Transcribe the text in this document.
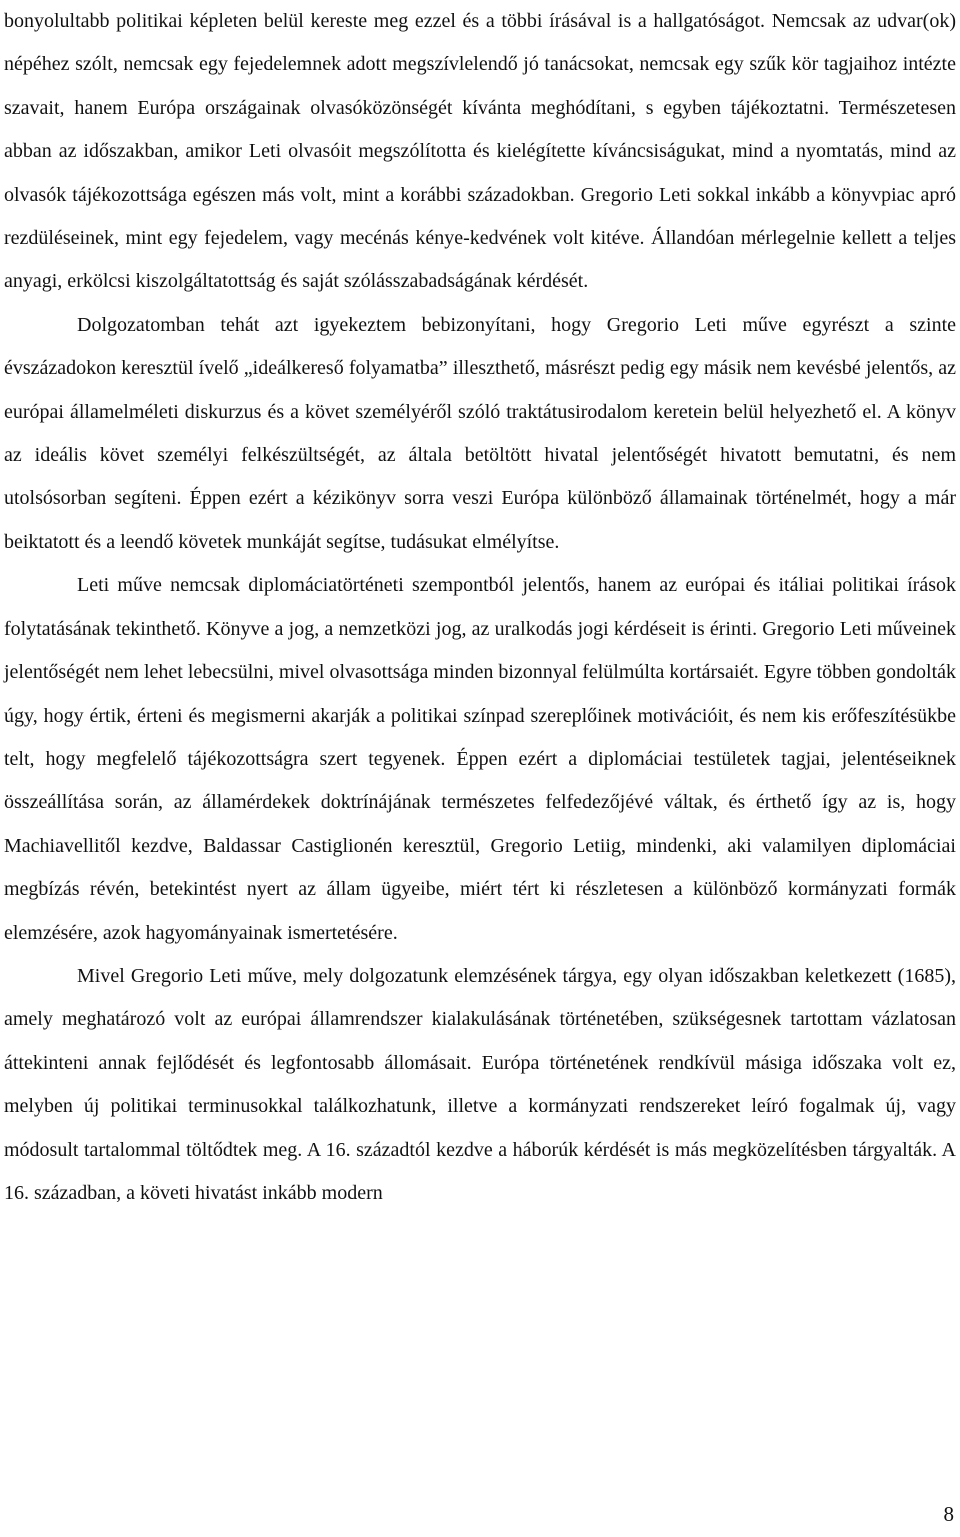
bonyolultabb politikai képleten belül kereste meg ezzel és a többi írásával is a hallgatóságot. Nemcsak az udvar(ok) népéhez szólt, nemcsak egy fejedelemnek adott megszívlelendő jó tanácsokat, nemcsak egy szűk kör tagjaihoz intézte szavait, hanem Európa országainak olvasóközönségét kívánta meghódítani, s egyben tájékoztatni. Természetesen abban az időszakban, amikor Leti olvasóit megszólította és kielégítette kíváncsiságukat, mind a nyomtatás, mind az olvasók tájékozottsága egészen más volt, mint a korábbi századokban. Gregorio Leti sokkal inkább a könyvpiac apró rezdüléseinek, mint egy fejedelem, vagy mecénás kénye-kedvének volt kitéve. Állandóan mérlegelnie kellett a teljes anyagi, erkölcsi kiszolgáltatottság és saját szólásszabadságának kérdését.

Dolgozatomban tehát azt igyekeztem bebizonyítani, hogy Gregorio Leti műve egyrészt a szinte évszázadokon keresztül ívelő „ideálkereső folyamatba” illeszthető, másrészt pedig egy másik nem kevésbé jelentős, az európai államelméleti diskurzus és a követ személyéről szóló traktátusirodalom keretein belül helyezhető el. A könyv az ideális követ személyi felkészültségét, az általa betöltött hivatal jelentőségét hivatott bemutatni, és nem utolsósorban segíteni. Éppen ezért a kézikönyv sorra veszi Európa különböző államainak történelmét, hogy a már beiktatott és a leendő követek munkáját segítse, tudásukat elmélyítse.

Leti műve nemcsak diplomáciatörténeti szempontból jelentős, hanem az európai és itáliai politikai írások folytatásának tekinthető. Könyve a jog, a nemzetközi jog, az uralkodás jogi kérdéseit is érinti. Gregorio Leti műveinek jelentőségét nem lehet lebecsülni, mivel olvasottsága minden bizonnyal felülmúlta kortársaiét. Egyre többen gondolták úgy, hogy értik, érteni és megismerni akarják a politikai színpad szereplőinek motivációit, és nem kis erőfeszítésükbe telt, hogy megfelelő tájékozottságra szert tegyenek. Éppen ezért a diplomáciai testületek tagjai, jelentéseiknek összeállítása során, az államérdekek doktrínájának természetes felfedezőjévé váltak, és érthető így az is, hogy Machiavellitől kezdve, Baldassar Castiglionén keresztül, Gregorio Letiig, mindenki, aki valamilyen diplomáciai megbízás révén, betekintést nyert az állam ügyeibe, miért tért ki részletesen a különböző kormányzati formák elemzésére, azok hagyományainak ismertetésére.

Mivel Gregorio Leti műve, mely dolgozatunk elemzésének tárgya, egy olyan időszakban keletkezett (1685), amely meghatározó volt az európai államrendszer kialakulásának történetében, szükségesnek tartottam vázlatosan áttekinteni annak fejlődését és legfontosabb állomásait. Európa történetének rendkívül másiga időszaka volt ez, melyben új politikai terminusokkal találkozhatunk, illetve a kormányzati rendszereket leíró fogalmak új, vagy módosult tartalommal töltődtek meg. A 16. századtól kezdve a háborúk kérdését is más megközelítésben tárgyalták. A 16. században, a követi hivatást inkább modern

8
